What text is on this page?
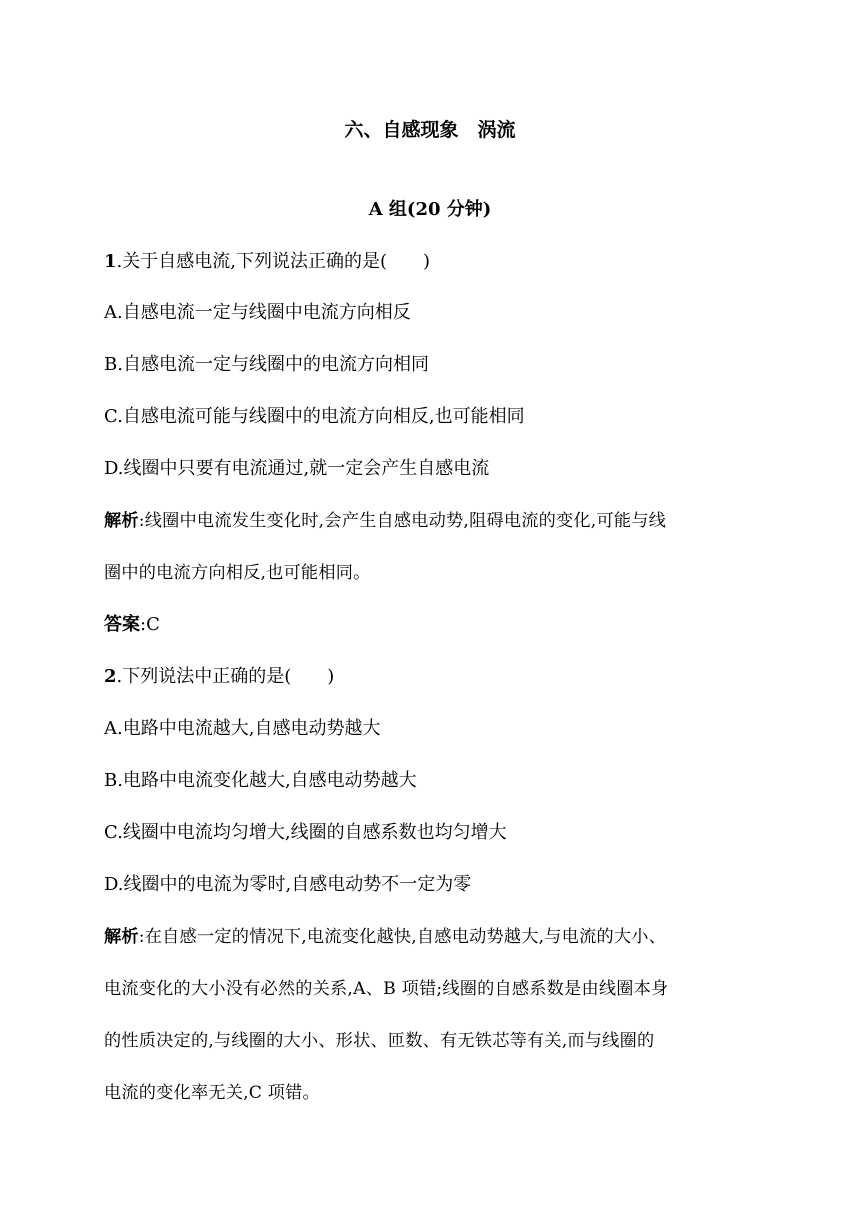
六、自感现象　涡流
A 组(20 分钟)
1.关于自感电流,下列说法正确的是(　　)
A.自感电流一定与线圈中电流方向相反
B.自感电流一定与线圈中的电流方向相同
C.自感电流可能与线圈中的电流方向相反,也可能相同
D.线圈中只要有电流通过,就一定会产生自感电流
解析:线圈中电流发生变化时,会产生自感电动势,阻碍电流的变化,可能与线
圈中的电流方向相反,也可能相同。
答案:C
2.下列说法中正确的是(　　)
A.电路中电流越大,自感电动势越大
B.电路中电流变化越大,自感电动势越大
C.线圈中电流均匀增大,线圈的自感系数也均匀增大
D.线圈中的电流为零时,自感电动势不一定为零
解析:在自感一定的情况下,电流变化越快,自感电动势越大,与电流的大小、
电流变化的大小没有必然的关系,A、B 项错;线圈的自感系数是由线圈本身
的性质决定的,与线圈的大小、形状、匝数、有无铁芯等有关,而与线圈的
电流的变化率无关,C 项错。
